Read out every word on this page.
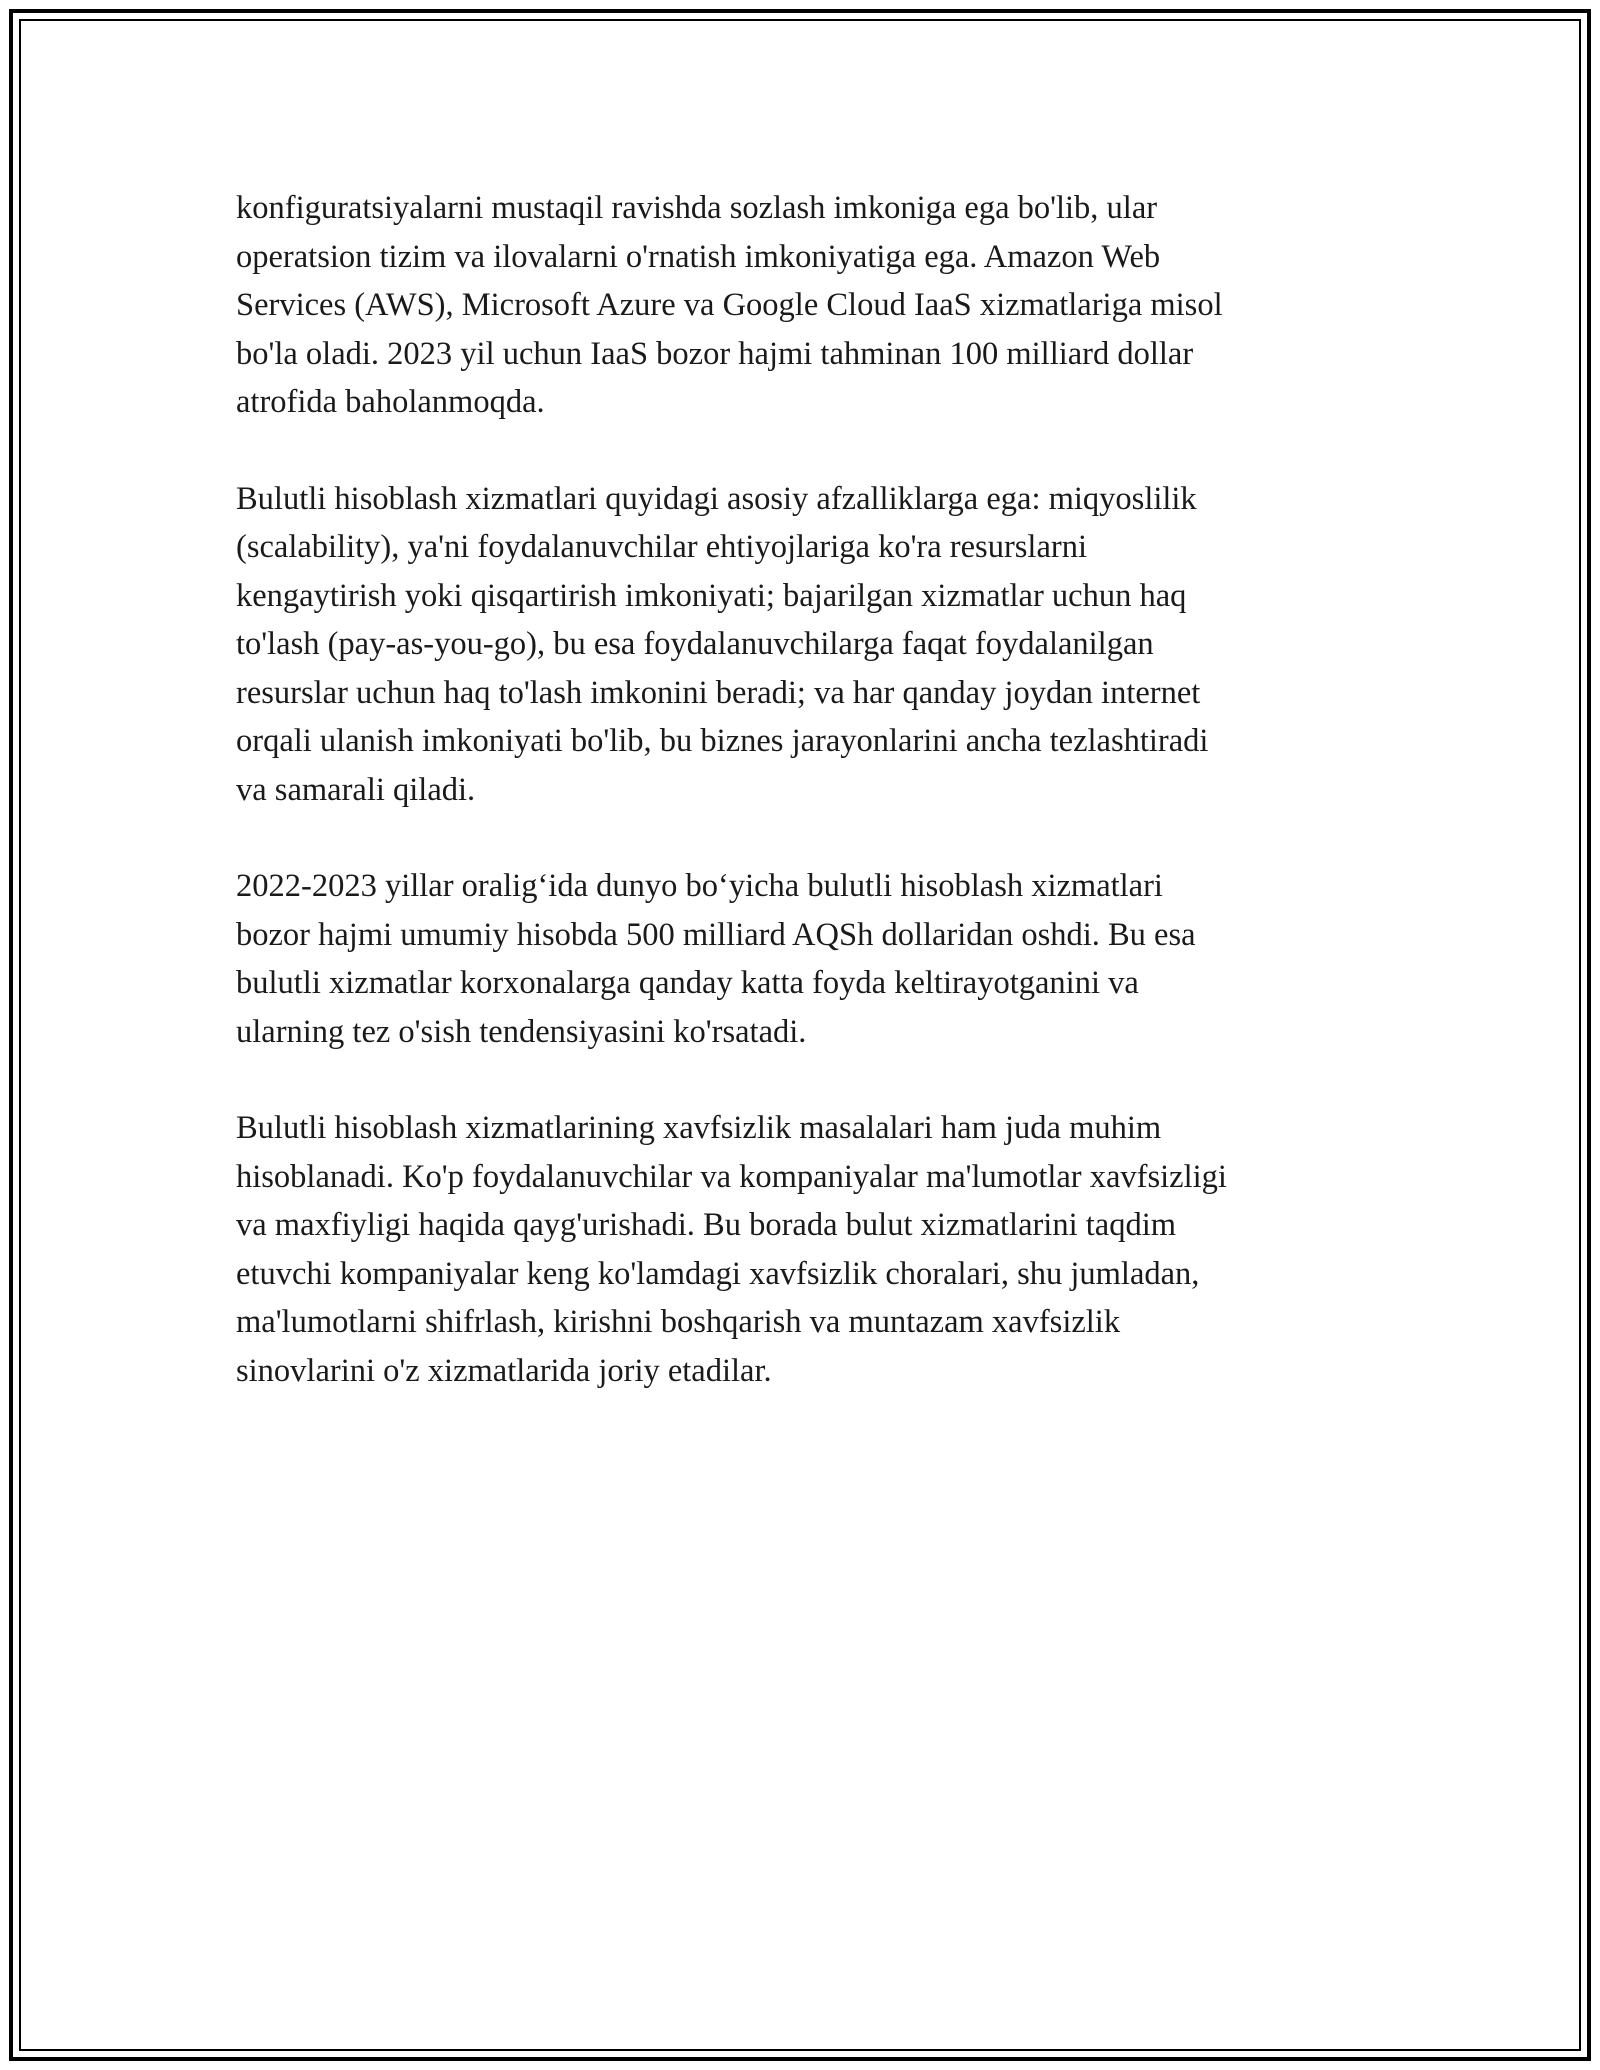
konfiguratsiyalarni mustaqil ravishda sozlash imkoniga ega bo'lib, ular
operatsion tizim va ilovalarni o'rnatish imkoniyatiga ega. Amazon Web
Services (AWS), Microsoft Azure va Google Cloud IaaS xizmatlariga misol
bo'la oladi. 2023 yil uchun IaaS bozor hajmi tahminan 100 milliard dollar
atrofida baholanmoqda.

Bulutli hisoblash xizmatlari quyidagi asosiy afzalliklarga ega: miqyoslilik
(scalability), ya'ni foydalanuvchilar ehtiyojlariga ko'ra resurslarni
kengaytirish yoki qisqartirish imkoniyati; bajarilgan xizmatlar uchun haq
to'lash (pay-as-you-go), bu esa foydalanuvchilarga faqat foydalanilgan
resurslar uchun haq to'lash imkonini beradi; va har qanday joydan internet
orqali ulanish imkoniyati bo'lib, bu biznes jarayonlarini ancha tezlashtiradi
va samarali qiladi.

2022-2023 yillar oralig‘ida dunyo bo‘yicha bulutli hisoblash xizmatlari
bozor hajmi umumiy hisobda 500 milliard AQSh dollaridan oshdi. Bu esa
bulutli xizmatlar korxonalarga qanday katta foyda keltirayotganini va
ularning tez o'sish tendensiyasini ko'rsatadi.

Bulutli hisoblash xizmatlarining xavfsizlik masalalari ham juda muhim
hisoblanadi. Ko'p foydalanuvchilar va kompaniyalar ma'lumotlar xavfsizligi
va maxfiyligi haqida qayg'urishadi. Bu borada bulut xizmatlarini taqdim
etuvchi kompaniyalar keng ko'lamdagi xavfsizlik choralari, shu jumladan,
ma'lumotlarni shifrlash, kirishni boshqarish va muntazam xavfsizlik
sinovlarini o'z xizmatlarida joriy etadilar.
